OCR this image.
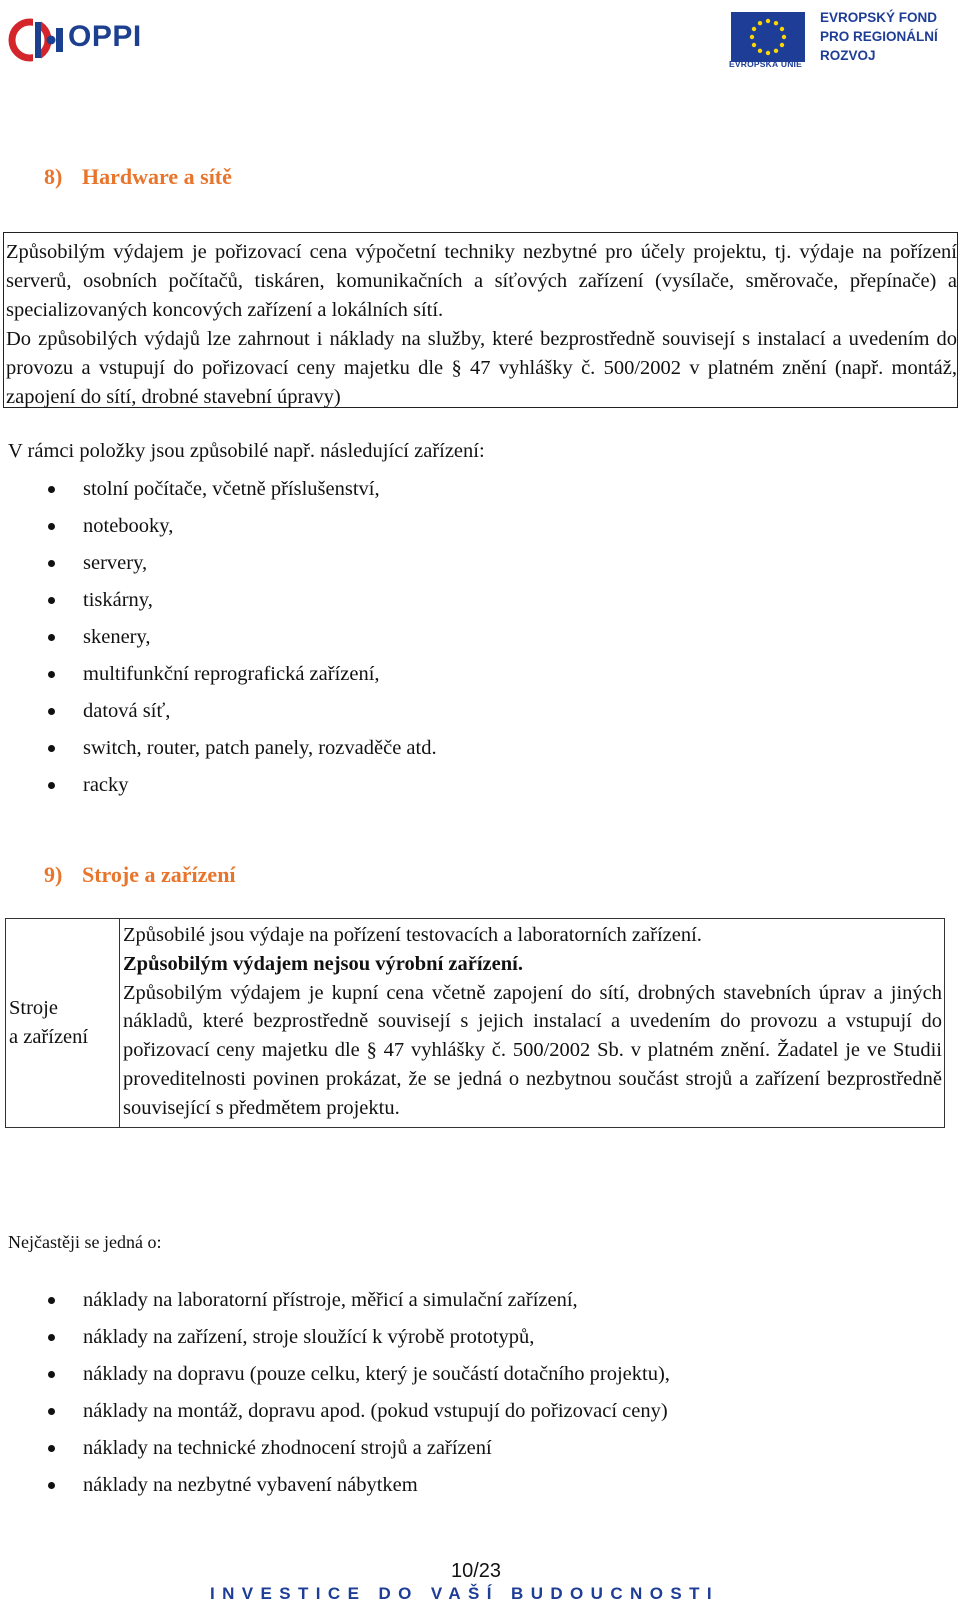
OPPI
EVROPSKÁ UNIE
EVROPSKÝ FOND
PRO REGIONÁLNÍ
ROZVOJ
8) Hardware a sítě

Způsobilým výdajem je pořizovací cena výpočetní techniky nezbytné pro účely projektu, tj. výdaje na pořízení serverů, osobních počítačů, tiskáren, komunikačních a síťových zařízení (vysílače, směrovače, přepínače) a specializovaných koncových zařízení a lokálních sítí.

Do způsobilých výdajů lze zahrnout i náklady na služby, které bezprostředně souvisejí s instalací a uvedením do provozu a vstupují do pořizovací ceny majetku dle § 47 vyhlášky č. 500/2002 v platném znění (např. montáž, zapojení do sítí, drobné stavební úpravy)

V rámci položky jsou způsobilé např. následující zařízení:
stolní počítače, včetně příslušenství,
notebooky,
servery,
tiskárny,
skenery,
multifunkční reprografická zařízení,
datová síť,
switch, router, patch panely, rozvaděče atd.
racky
9) Stroje a zařízení
Stroje
a zařízení

Způsobilé jsou výdaje na pořízení testovacích a laboratorních zařízení.

Způsobilým výdajem nejsou výrobní zařízení.

Způsobilým výdajem je kupní cena včetně zapojení do sítí, drobných stavebních úprav a jiných nákladů, které bezprostředně souvisejí s jejich instalací a uvedením do provozu a vstupují do pořizovací ceny majetku dle § 47 vyhlášky č. 500/2002 Sb. v platném znění. Žadatel je ve Studii proveditelnosti povinen prokázat, že se jedná o nezbytnou součást strojů a zařízení bezprostředně související s předmětem projektu.

Nejčastěji se jedná o:
náklady na laboratorní přístroje, měřicí a simulační zařízení,
náklady na zařízení, stroje sloužící k výrobě prototypů,
náklady na dopravu (pouze celku, který je součástí dotačního projektu),
náklady na montáž, dopravu apod. (pokud vstupují do pořizovací ceny)
náklady na technické zhodnocení strojů a zařízení
náklady na nezbytné vybavení nábytkem
10/23
INVESTICE DO VAŠÍ BUDOUCNOSTI
